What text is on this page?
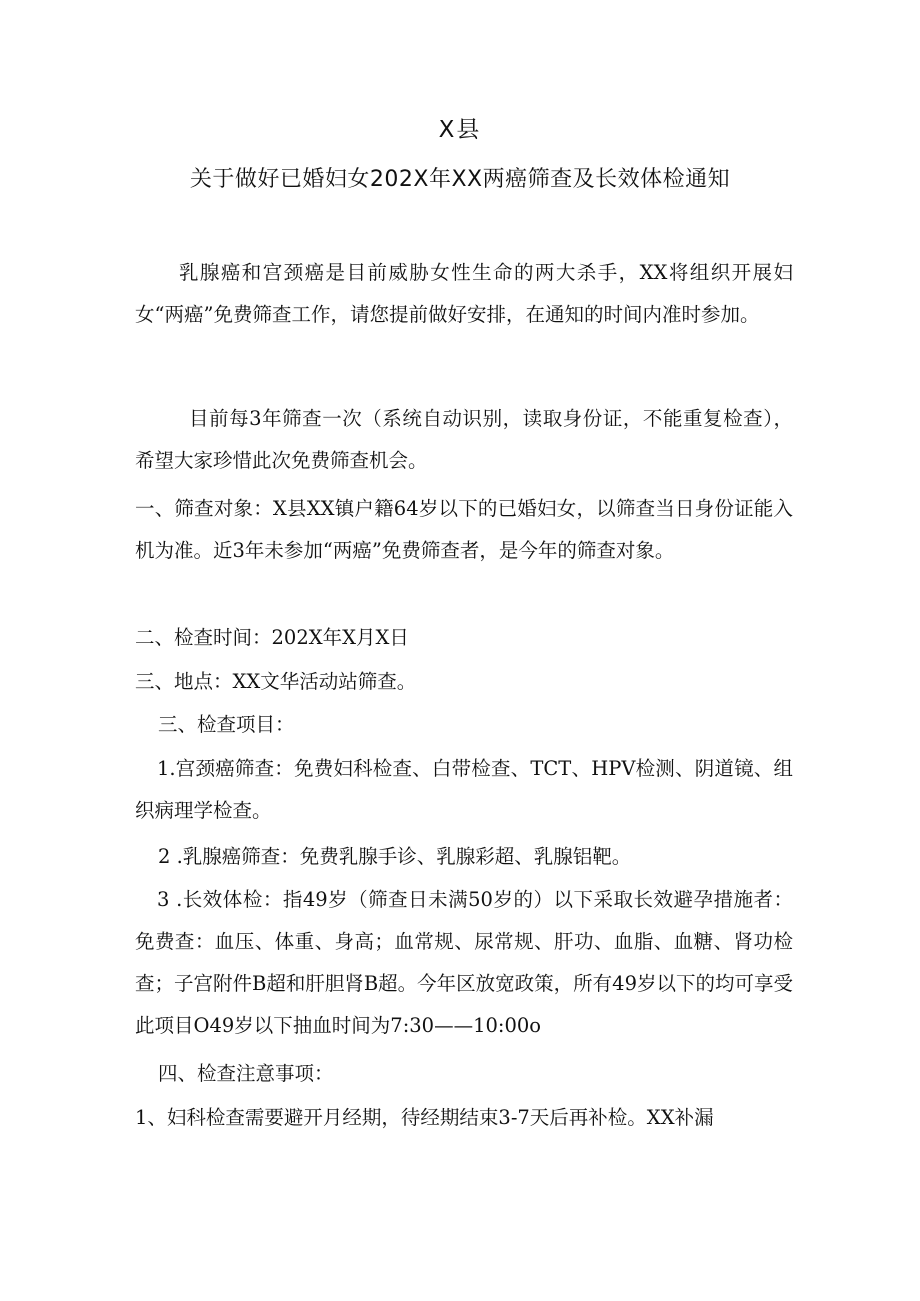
X县
关于做好已婚妇女202X年XX两癌筛查及长效体检通知

乳腺癌和宫颈癌是目前威胁女性生命的两大杀手，XX将组织开展妇女“两癌”免费筛查工作，请您提前做好安排，在通知的时间内准时参加。

目前每3年筛查一次（系统自动识别，读取身份证，不能重复检查），希望大家珍惜此次免费筛查机会。

一、筛查对象：X县XX镇户籍64岁以下的已婚妇女，以筛查当日身份证能入机为准。近3年未参加“两癌”免费筛查者，是今年的筛查对象。

二、检查时间：202X年X月X日

三、地点：XX文华活动站筛查。

三、检查项目：

1.宫颈癌筛查：免费妇科检查、白带检查、TCT、HPV检测、阴道镜、组织病理学检查。

2 .乳腺癌筛查：免费乳腺手诊、乳腺彩超、乳腺铝靶。

3 .长效体检：指49岁（筛查日未满50岁的）以下采取长效避孕措施者：免费查：血压、体重、身高；血常规、尿常规、肝功、血脂、血糖、肾功检查；子宫附件B超和肝胆肾B超。今年区放宽政策，所有49岁以下的均可享受此项目O49岁以下抽血时间为7:30——10:00o

四、检查注意事项：

1、妇科检查需要避开月经期，待经期结束3-7天后再补检。XX补漏
